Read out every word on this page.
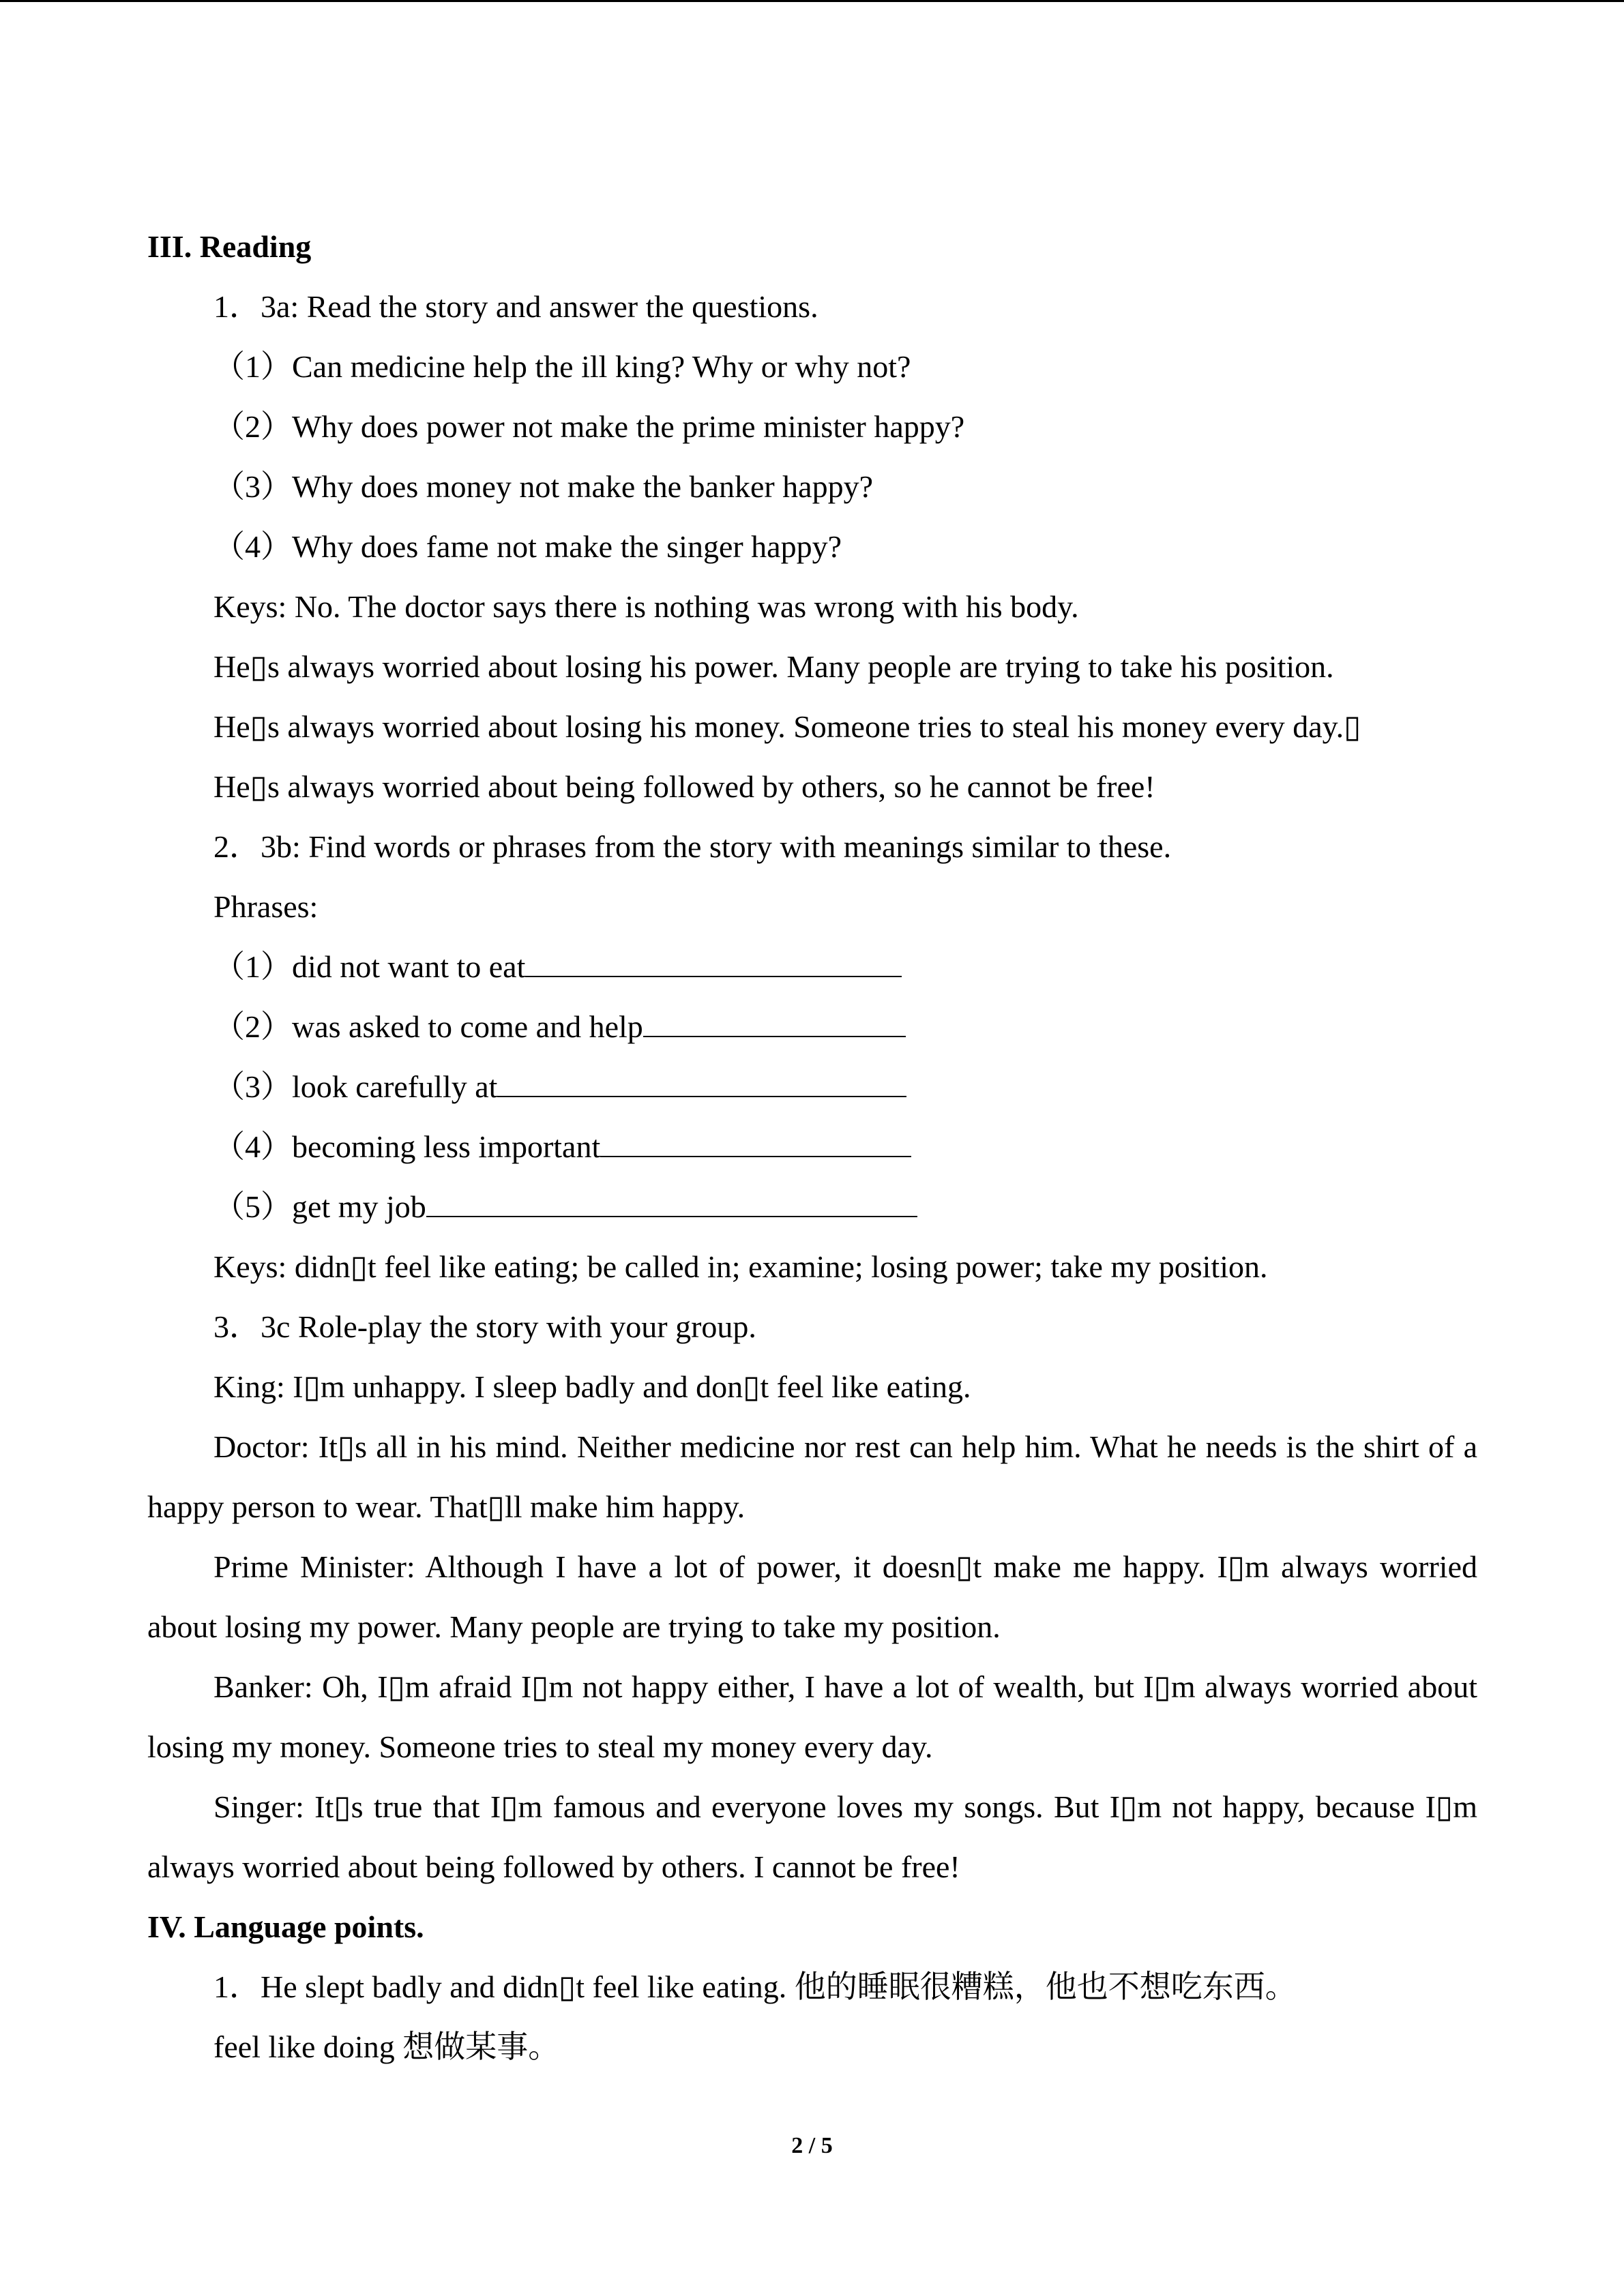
III. Reading
1．3a: Read the story and answer the questions.
（1）Can medicine help the ill king? Why or why not?
（2）Why does power not make the prime minister happy?
（3）Why does money not make the banker happy?
（4）Why does fame not make the singer happy?
Keys: No. The doctor says there is nothing was wrong with his body.
He▯s always worried about losing his power. Many people are trying to take his position.
He▯s always worried about losing his money. Someone tries to steal his money every day.▯
He▯s always worried about being followed by others, so he cannot be free!
2．3b: Find words or phrases from the story with meanings similar to these.
Phrases:
（1）did not want to eat
（2）was asked to come and help
（3）look carefully at
（4）becoming less important
（5）get my job
Keys: didn▯t feel like eating; be called in; examine; losing power; take my position.
3．3c Role-play the story with your group.
King: I▯m unhappy. I sleep badly and don▯t feel like eating.
Doctor: It▯s all in his mind. Neither medicine nor rest can help him. What he needs is the shirt of a happy person to wear. That▯ll make him happy.
Prime Minister: Although I have a lot of power, it doesn▯t make me happy. I▯m always worried about losing my power. Many people are trying to take my position.
Banker: Oh, I▯m afraid I▯m not happy either, I have a lot of wealth, but I▯m always worried about losing my money. Someone tries to steal my money every day.
Singer: It▯s true that I▯m famous and everyone loves my songs. But I▯m not happy, because I▯m always worried about being followed by others. I cannot be free!
IV. Language points.
1．He slept badly and didn▯t feel like eating. 他的睡眠很糟糕，他也不想吃东西。
feel like doing 想做某事。
2 / 5
